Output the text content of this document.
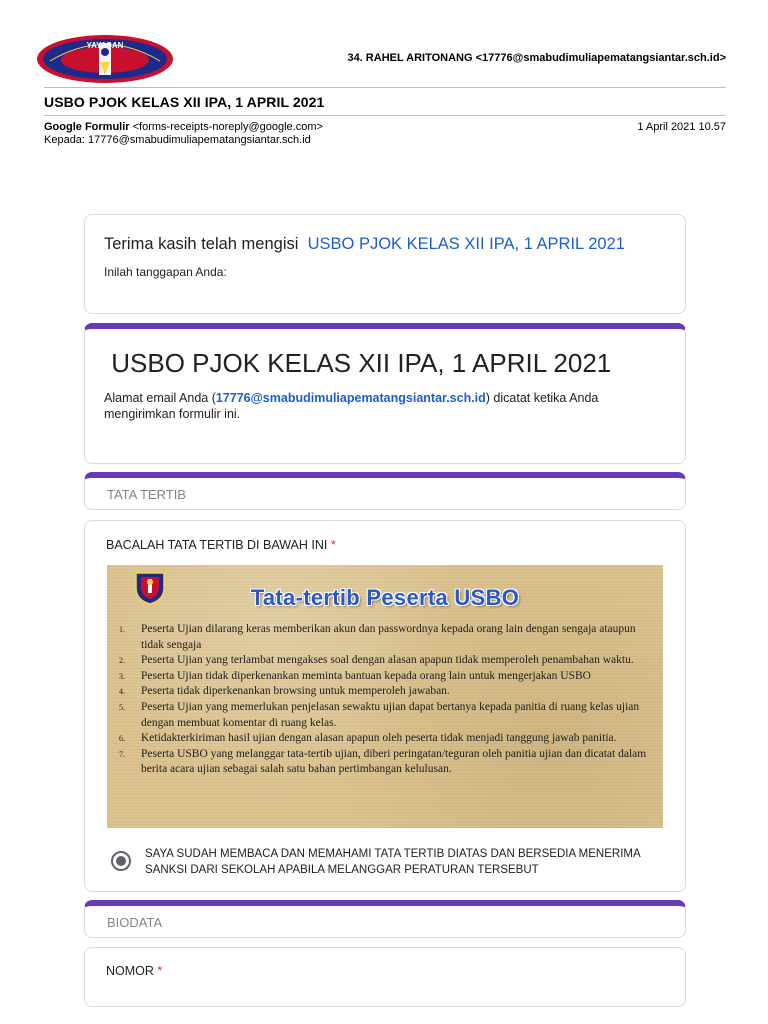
YAYASAN
34. RAHEL ARITONANG <17776@smabudimuliapematangsiantar.sch.id>
USBO PJOK KELAS XII IPA, 1 APRIL 2021
Google Formulir <forms-receipts-noreply@google.com>
Kepada: 17776@smabudimuliapematangsiantar.sch.id
1 April 2021 10.57
Terima kasih telah mengisi USBO PJOK KELAS XII IPA, 1 APRIL 2021
Inilah tanggapan Anda:
USBO PJOK KELAS XII IPA, 1 APRIL 2021
Alamat email Anda (17776@smabudimuliapematangsiantar.sch.id) dicatat ketika Anda mengirimkan formulir ini.
TATA TERTIB
BACALAH TATA TERTIB DI BAWAH INI *
Tata-tertib Peserta USBO
1. Peserta Ujian dilarang keras memberikan akun dan passwordnya kepada orang lain dengan sengaja ataupun tidak sengaja
2. Peserta Ujian yang terlambat mengakses soal dengan alasan apapun tidak memperoleh penambahan waktu.
3. Peserta Ujian tidak diperkenankan meminta bantuan kepada orang lain untuk mengerjakan USBO
4. Peserta tidak diperkenankan browsing untuk memperoleh jawaban.
5. Peserta Ujian yang memerlukan penjelasan sewaktu ujian dapat bertanya kepada panitia di ruang kelas ujian dengan membuat komentar di ruang kelas.
6. Ketidakterkiriman hasil ujian dengan alasan apapun oleh peserta tidak menjadi tanggung jawab panitia.
7. Peserta USBO yang melanggar tata-tertib ujian, diberi peringatan/teguran oleh panitia ujian dan dicatat dalam berita acara ujian sebagai salah satu bahan pertimbangan kelulusan.
SAYA SUDAH MEMBACA DAN MEMAHAMI TATA TERTIB DIATAS DAN BERSEDIA MENERIMA SANKSI DARI SEKOLAH APABILA MELANGGAR PERATURAN TERSEBUT
BIODATA
NOMOR *
